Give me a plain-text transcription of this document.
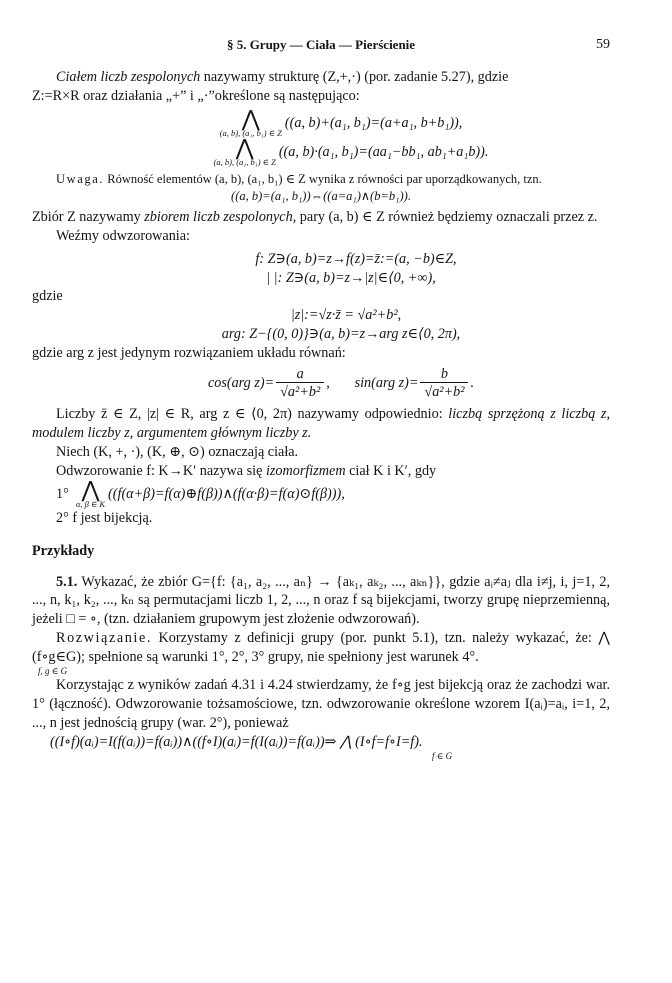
§ 5. Grupy — Ciała — Pierścienie	59

Ciałem liczb zespolonych nazywamy strukturę (Z,+,·) (por. zadanie 5.27), gdzie

Z:=R×R oraz działania „+” i „·”określone są następująco:

⋀
(a, b), (a₁, b₁) ∈ Z
((a, b)+(a₁, b₁)=(a+a₁, b+b₁)),
⋀
(a, b), (a₁, b₁) ∈ Z
((a, b)·(a₁, b₁)=(aa₁−bb₁, ab₁+a₁b)).

Uwaga. Równość elementów (a, b), (a₁, b₁) ∈ Z wynika z równości par uporządkowanych, tzn.

((a, b)=(a₁, b₁))⇔((a=a₁)∧(b=b₁)).

Zbiór Z nazywamy zbiorem liczb zespolonych, pary (a, b) ∈ Z również będziemy oznaczali przez z.

Weźmy odwzorowania:

f: Z∋(a, b)=z→f(z)=z̄:=(a, −b)∈Z,
| |: Z∋(a, b)=z→|z|∈⟨0, +∞),

gdzie

|z|:=√z·z̄ = √a²+b²,
arg: Z−{(0, 0)}∋(a, b)=z→arg z∈⟨0, 2π),

gdzie arg z jest jedynym rozwiązaniem układu równań:

cos(arg $z)= \frac{a}{\text{√a²+b²}}$ , sin(arg $z)= \frac{b}{\text{√a²+b²}}$ .

Liczby z̄ ∈ Z, |z| ∈ R, arg z ∈ ⟨0, 2π) nazywamy odpowiednio: liczbą sprzężoną z liczbą z, modulem liczby z, argumentem głównym liczby z.

Niech (K, +, ·), (K, ⊕, ⊙) oznaczają ciała.

Odwzorowanie f: K→K′ nazywa się izomorfizmem ciał K i K′, gdy

1° ⋀
α, β ∈ K
((f(α+β)=f(α)⊕f(β))∧(f(α·β)=f(α)⊙f(β))),

2° f jest bijekcją.

Przykłady

5.1. Wykazać, że zbiór G={f: {a₁, a₂, ..., aₙ} → {aₖ₁, aₖ₂, ..., aₖₙ}}, gdzie aᵢ≠aⱼ dla i≠j, i, j=1, 2, ..., n, k₁, k₂, ..., kₙ są permutacjami liczb 1, 2, ..., n oraz f są bijekcjami, tworzy grupę nieprzemienną, jeżeli □ = ∘, (tzn. działaniem grupowym jest złożenie odwzorowań).

Rozwiązanie. Korzystamy z definicji grupy (por. punkt 5.1), tzn. należy wykazać, że: ⋀ (f∘g∈G); spełnione są warunki 1°, 2°, 3° grupy, nie spełniony jest warunek 4°.

f, g ∈ G

Korzystając z wyników zadań 4.31 i 4.24 stwierdzamy, że f∘g jest bijekcją oraz że zachodzi war. 1° (łączność). Odwzorowanie tożsamościowe, tzn. odwzorowanie określone wzorem I(aᵢ)=aᵢ, i=1, 2, ..., n jest jednością grupy (war. 2°), ponieważ

((I∘f)(aᵢ)=I(f(aᵢ))=f(aᵢ))∧((f∘I)(aᵢ)=f(I(aᵢ))=f(aᵢ))⇒ ⋀ (I∘f=f∘I=f).
f ∈ G
